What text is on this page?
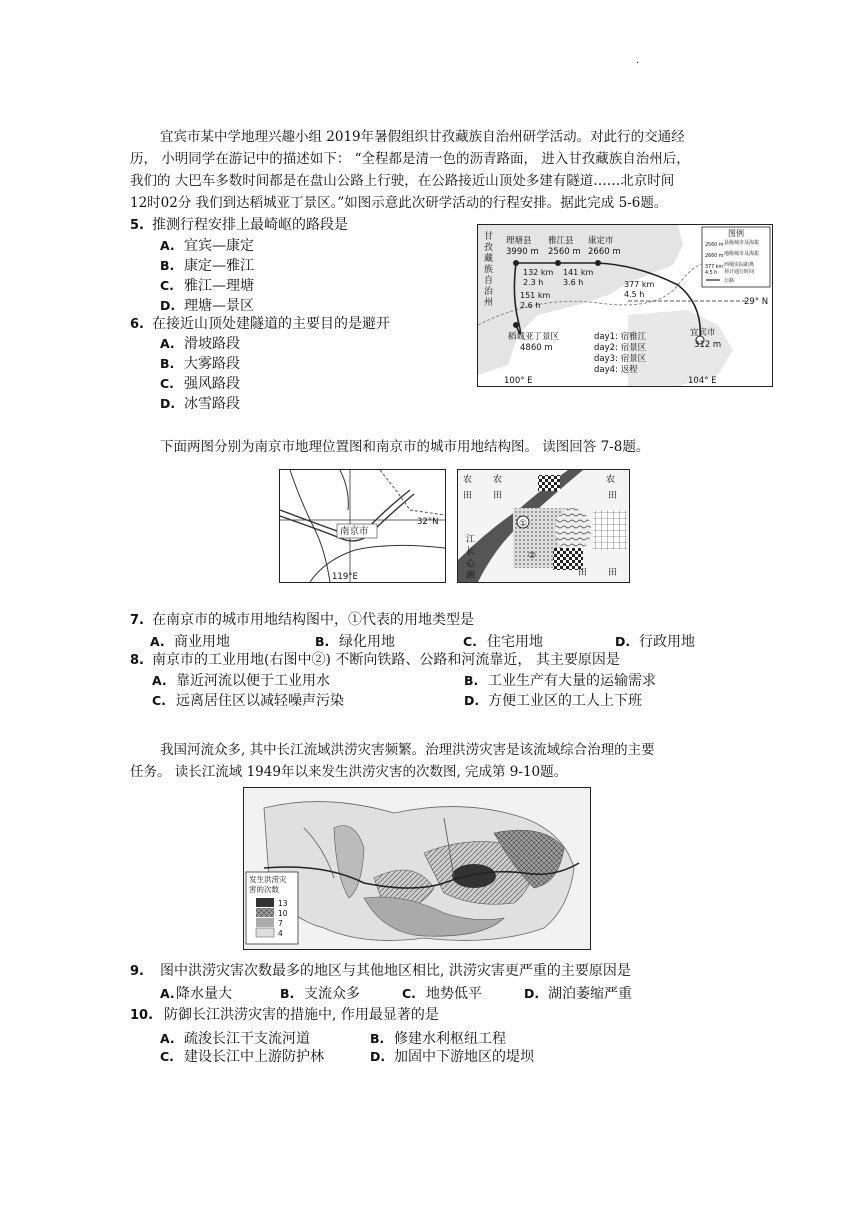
·
宜宾市某中学地理兴趣小组 2019年暑假组织甘孜藏族自治州研学活动。对此行的交通经
历， 小明同学在游记中的描述如下： “全程都是清一色的沥青路面， 进入甘孜藏族自治州后，
我们的 大巴车多数时间都是在盘山公路上行驶，在公路接近山顶处多建有隧道……北京时间
12时02分 我们到达稻城亚丁景区。”如图示意此次研学活动的行程安排。据此完成 5-6题。
5. 推测行程安排上最崎岖的路段是
A. 宜宾—康定
B. 康定—雅江
C. 雅江—理塘
D. 理塘—景区
6. 在接近山顶处建隧道的主要目的是避开
A. 滑坡路段
B. 大雾路段
C. 强风路段
D. 冰雪路段
甘 孜 藏 族 自 治 州
理塘县
3990 m
雅江县
2560 m
康定市
2660 m
132 km
2.3 h
141 km
3.6 h
151 km
2.6 h
377 km
4.5 h
稻城亚丁景区
4860 m
宜宾市
312 m
day1: 宿雅江 day2: 宿景区 day3: 宿景区 day4: 返程
29° N
100° E	104° E
图例
2560 m 2660 m 377 km 4.5 h
县级城市及海拔 地级城市及海拔 西城实际距离 预计通行时间 公路
下面两图分别为南京市地理位置图和南京市的城市用地结构图。 读图回答 7-8题。
南京市
32°N
119°E
农 田 农 田	田 农 田 ① ② 江 长 心 洲	田
7. 在南京市的城市用地结构图中，①代表的用地类型是
A. 商业用地	B. 绿化用地	C. 住宅用地	D. 行政用地
8. 南京市的工业用地(右图中②) 不断向铁路、公路和河流靠近， 其主要原因是
A. 靠近河流以便于工业用水	B. 工业生产有大量的运输需求
C. 远离居住区以减轻噪声污染	D. 方便工业区的工人上下班
我国河流众多, 其中长江流域洪涝灾害频繁。治理洪涝灾害是该流域综合治理的主要
任务。 读长江流域 1949年以来发生洪涝灾害的次数图, 完成第 9-10题。
发生洪涝灾 害的次数
13 10 7 4
9. 图中洪涝灾害次数最多的地区与其他地区相比, 洪涝灾害更严重的主要原因是
A.降水量大	B. 支流众多	C. 地势低平	D. 湖泊萎缩严重
10. 防御长江洪涝灾害的措施中, 作用最显著的是
A. 疏浚长江干支流河道	B. 修建水利枢纽工程
C. 建设长江中上游防护林	D. 加固中下游地区的堤坝
